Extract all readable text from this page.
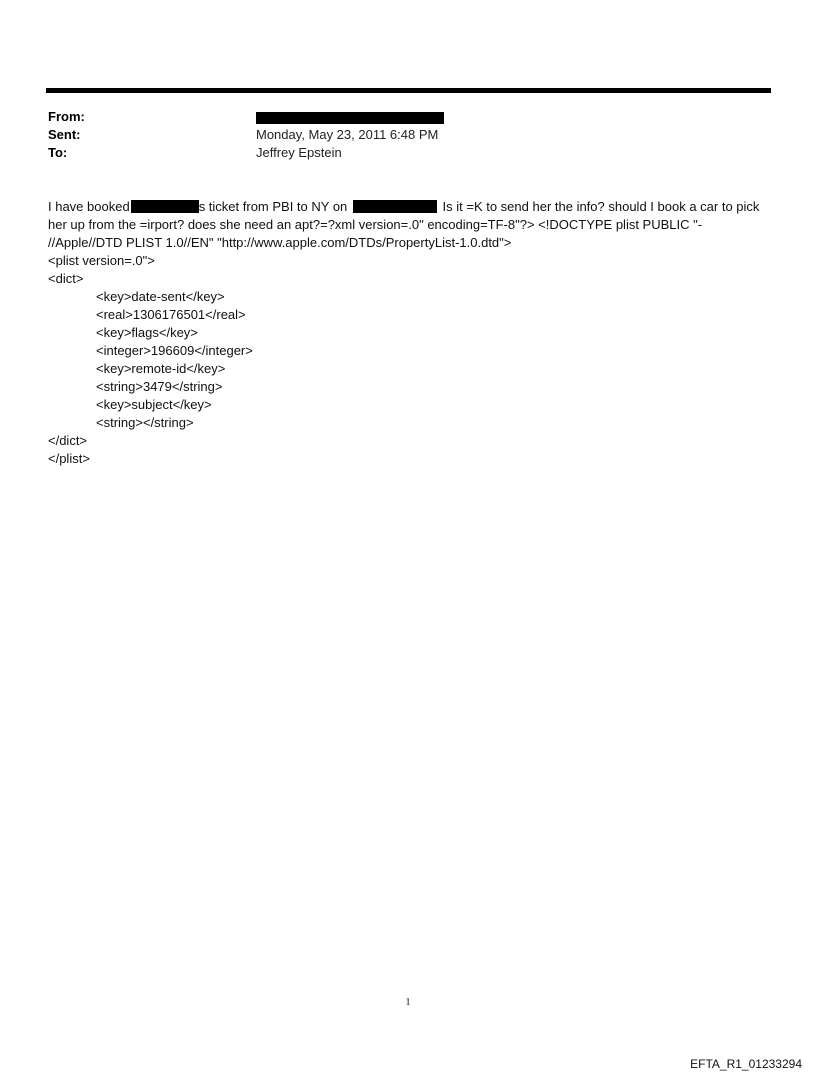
From:
Sent:	Monday, May 23, 2011 6:48 PM
To:	Jeffrey Epstein
I have booked	s ticket from PBI to NY on	Is it =K to send her the info? should I book a car to pick
her up from the =irport? does she need an apt?=?xml version=.0" encoding=TF-8"?> <!DOCTYPE plist PUBLIC "-
//Apple//DTD PLIST 1.0//EN" "http://www.apple.com/DTDs/PropertyList-1.0.dtd">
<plist version=.0">
<dict>
<key>date-sent</key>
<real>1306176501</real>
<key>flags</key>
<integer>196609</integer>
<key>remote-id</key>
<string>3479</string>
<key>subject</key>
<string></string>
</dict>
</plist>
1
EFTA_R1_01233294
